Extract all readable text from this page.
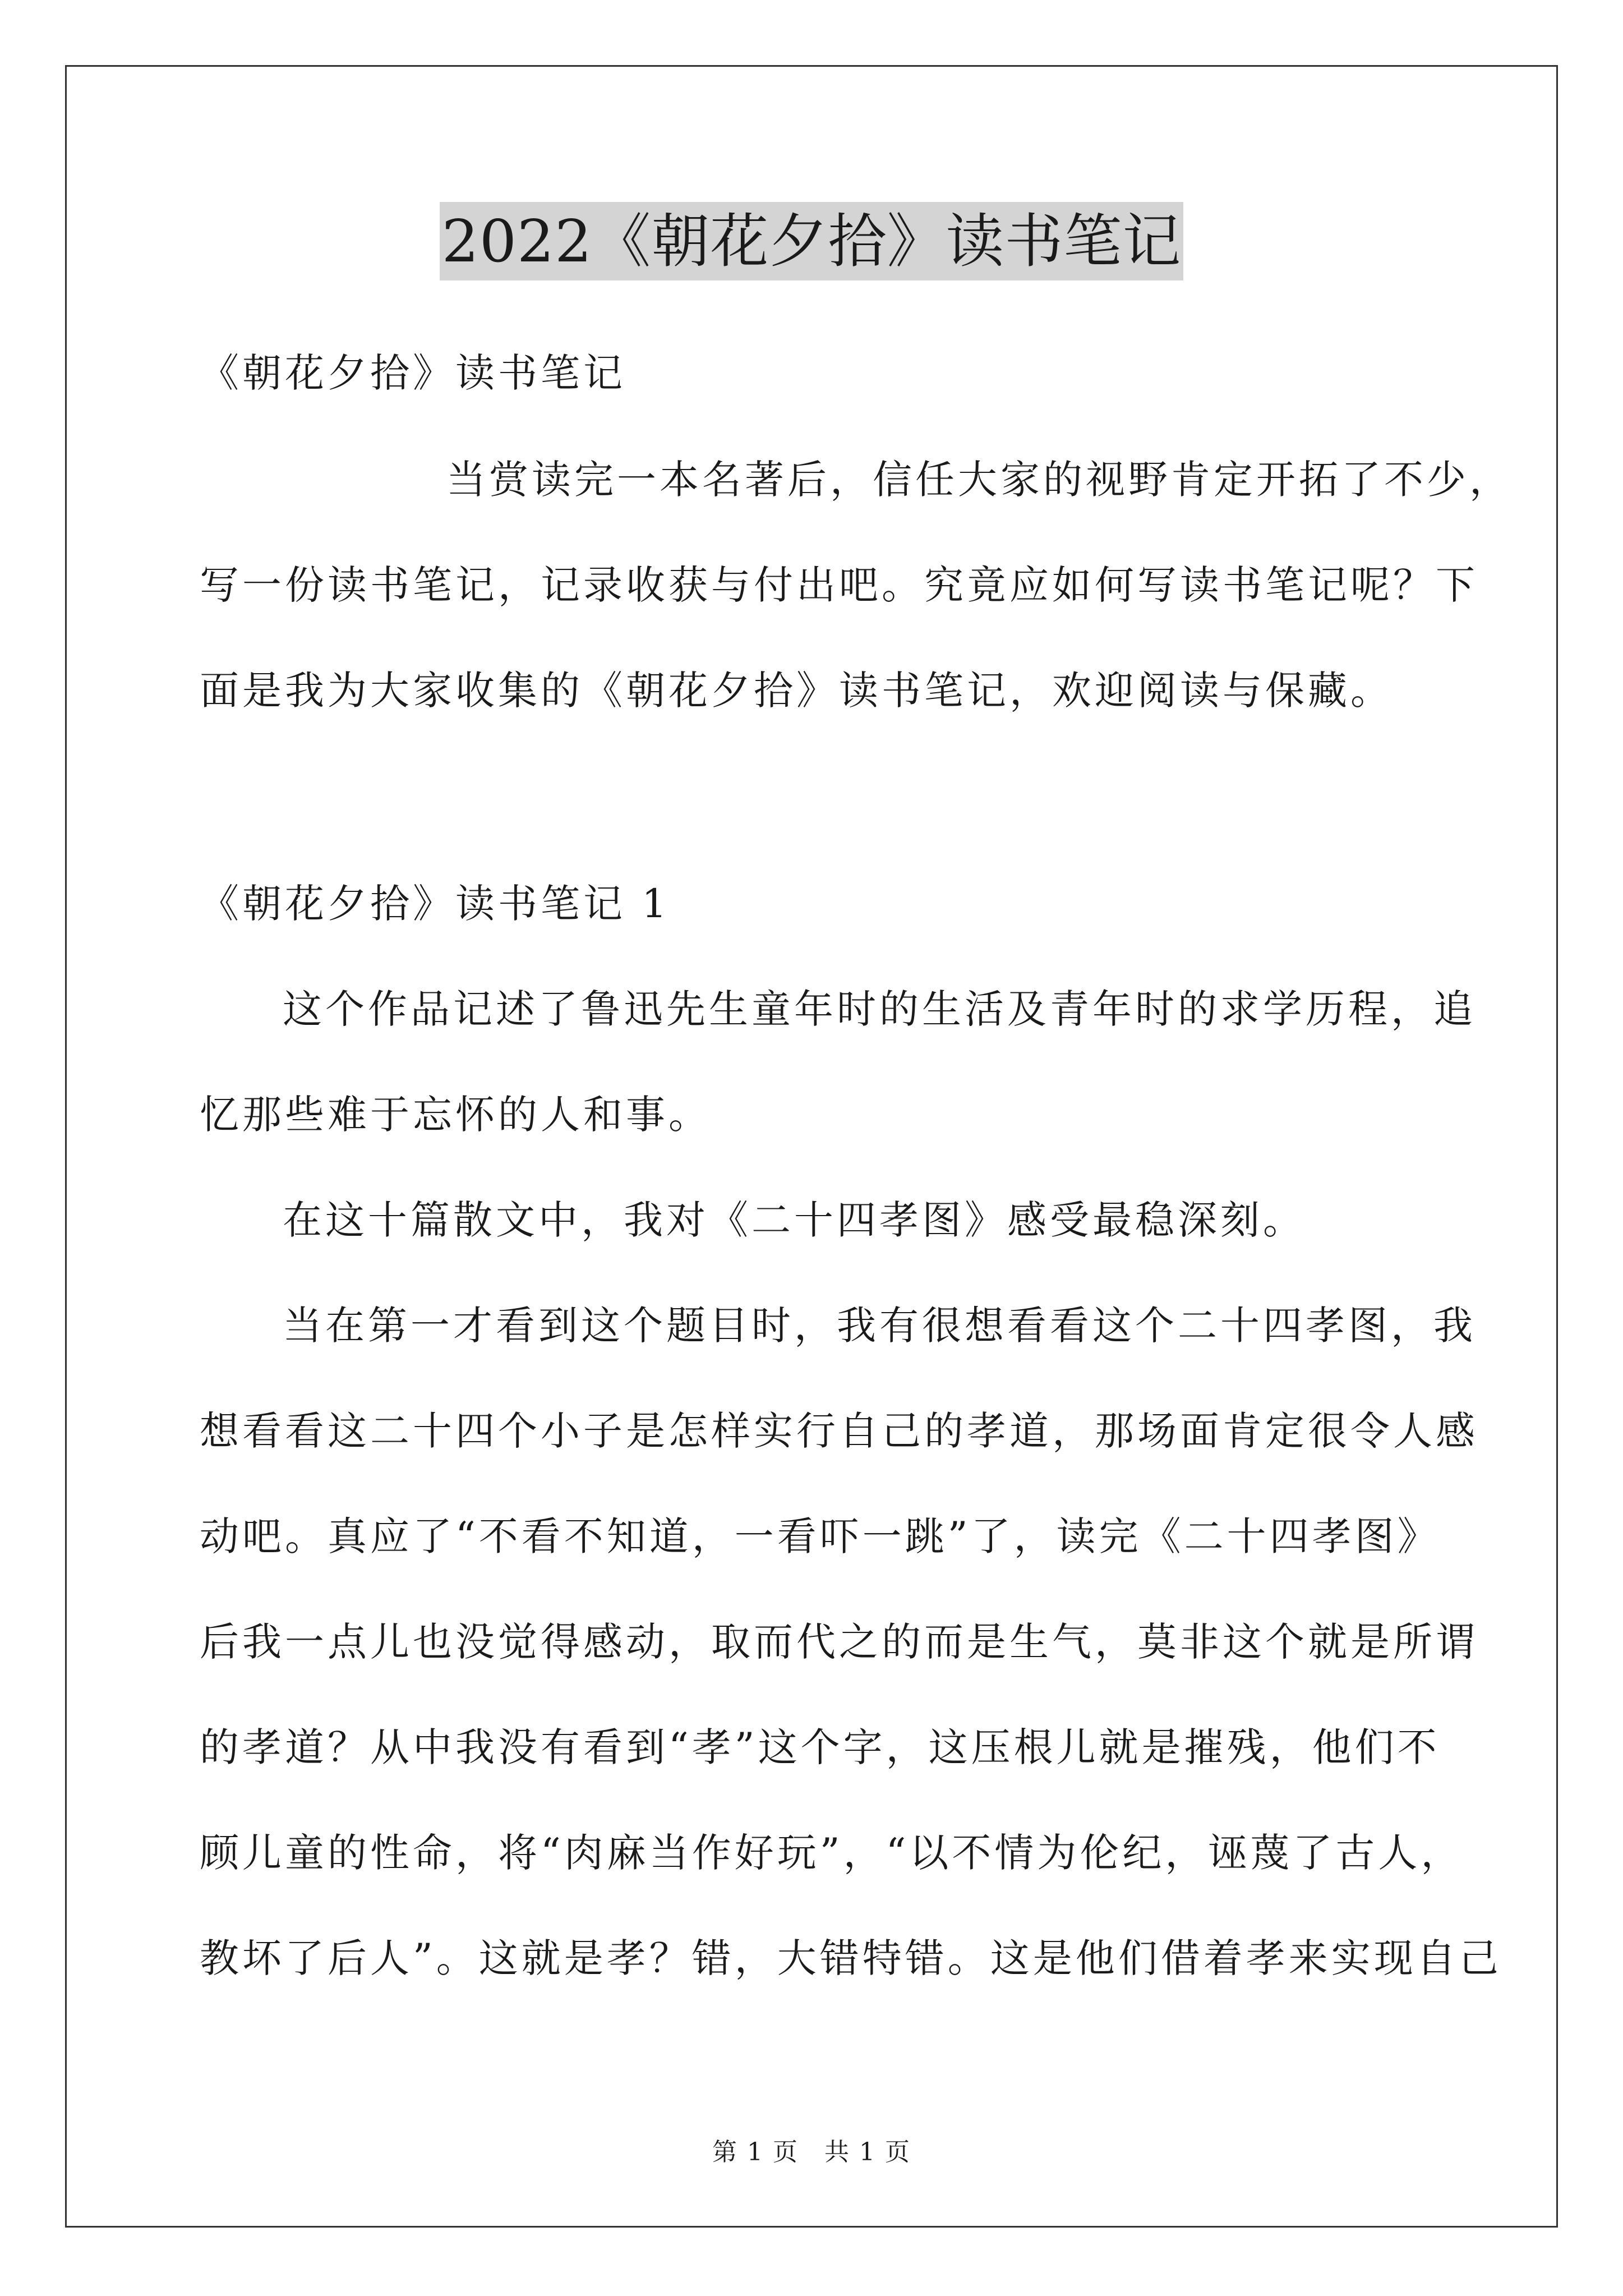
2022《朝花夕拾》读书笔记
《朝花夕拾》读书笔记
当赏读完一本名著后，信任大家的视野肯定开拓了不少，
写一份读书笔记，记录收获与付出吧。究竟应如何写读书笔记呢？下
面是我为大家收集的《朝花夕拾》读书笔记，欢迎阅读与保藏。
《朝花夕拾》读书笔记 1
这个作品记述了鲁迅先生童年时的生活及青年时的求学历程，追
忆那些难于忘怀的人和事。
在这十篇散文中，我对《二十四孝图》感受最稳深刻。
当在第一才看到这个题目时，我有很想看看这个二十四孝图，我
想看看这二十四个小子是怎样实行自己的孝道，那场面肯定很令人感
动吧。真应了“不看不知道，一看吓一跳”了，读完《二十四孝图》
后我一点儿也没觉得感动，取而代之的而是生气，莫非这个就是所谓
的孝道？从中我没有看到“孝”这个字，这压根儿就是摧残，他们不
顾儿童的性命，将“肉麻当作好玩”，“以不情为伦纪，诬蔑了古人，
教坏了后人”。这就是孝？错，大错特错。这是他们借着孝来实现自己
第 1 页　共 1 页
